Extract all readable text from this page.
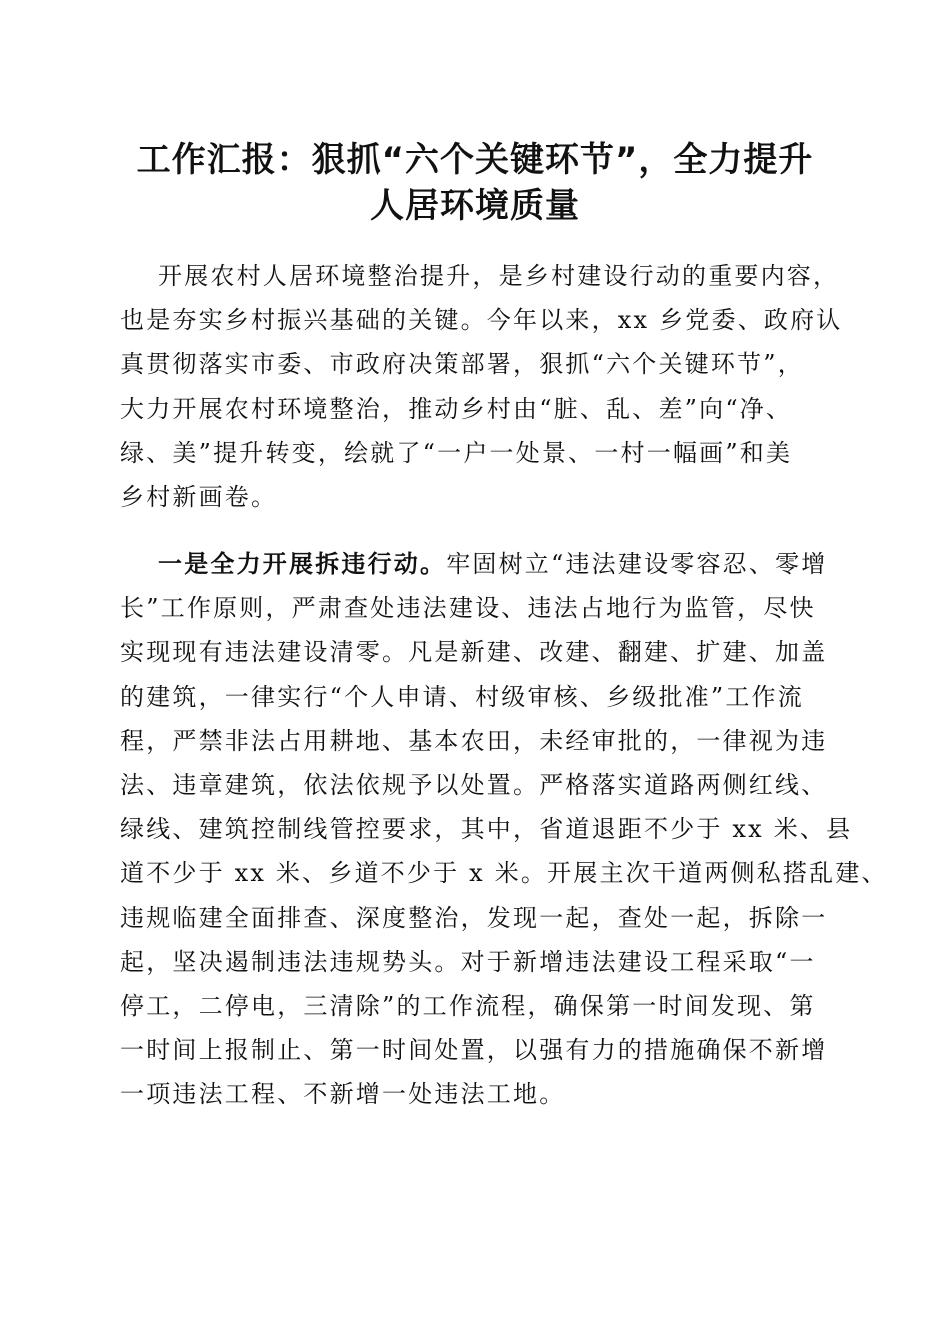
工作汇报：狠抓“六个关键环节”，全力提升
人居环境质量
开展农村人居环境整治提升，是乡村建设行动的重要内容，
也是夯实乡村振兴基础的关键。今年以来，xx 乡党委、政府认
真贯彻落实市委、市政府决策部署，狠抓“六个关键环节”，
大力开展农村环境整治，推动乡村由“脏、乱、差”向“净、
绿、美”提升转变，绘就了“一户一处景、一村一幅画”和美
乡村新画卷。
一是全力开展拆违行动。牢固树立“违法建设零容忍、零增
长”工作原则，严肃查处违法建设、违法占地行为监管，尽快
实现现有违法建设清零。凡是新建、改建、翻建、扩建、加盖
的建筑，一律实行“个人申请、村级审核、乡级批准”工作流
程，严禁非法占用耕地、基本农田，未经审批的，一律视为违
法、违章建筑，依法依规予以处置。严格落实道路两侧红线、
绿线、建筑控制线管控要求，其中，省道退距不少于 xx 米、县
道不少于 xx 米、乡道不少于 x 米。开展主次干道两侧私搭乱建、
违规临建全面排查、深度整治，发现一起，查处一起，拆除一
起，坚决遏制违法违规势头。对于新增违法建设工程采取“一
停工，二停电，三清除”的工作流程，确保第一时间发现、第
一时间上报制止、第一时间处置，以强有力的措施确保不新增
一项违法工程、不新增一处违法工地。
